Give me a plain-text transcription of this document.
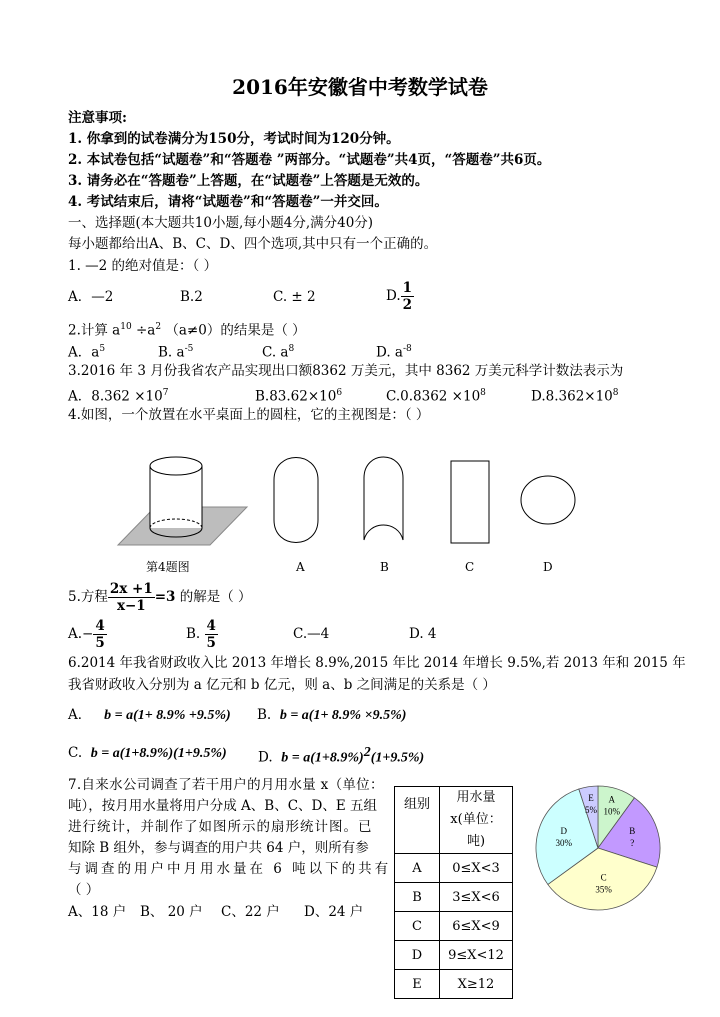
2016年安徽省中考数学试卷
注意事项:
1. 你拿到的试卷满分为150分，考试时间为120分钟。
2. 本试卷包括“试题卷”和“答题卷 ”两部分。“试题卷”共4页，“答题卷”共6页。
3. 请务必在“答题卷”上答题，在“试题卷”上答题是无效的。
4. 考试结束后，请将“试题卷”和“答题卷”一并交回。
一、选择题(本大题共10小题,每小题4分,满分40分)
每小题都给出A、B、C、D、四个选项,其中只有一个正确的。
1. —2 的绝对值是：（ ）
A．—2	B.2	C. ± 2	D. $\frac{1}{2}$
2.计算 $a^{10} \div a^2$ （a≠0）的结果是（ ）
A．$a^5$	B. $a^{-5}$	C. $a^8$	D. $a^{-8}$
3.2016 年 3 月份我省农产品实现出口额8362 万美元，其中 8362 万美元科学计数法表示为
A．$8.362 \times 10^7$	$B.83.62\times 10^6$	$C.0.8362 \times 10^8$	$D.8.362\times 10^8$
4.如图，一个放置在水平桌面上的圆柱，它的主视图是：（ ）
第4题图	A	B	C	D
5.方程 $\frac{2x +1}{x-1} =3$ 的解是（ ）
$A.- \frac{4}{5}$	B. $\frac{4}{5}$	C.—4	D. 4
6.2014 年我省财政收入比 2013 年增长 8.9%,2015 年比 2014 年增长 9.5%,若 2013 年和 2015 年
我省财政收入分别为 a 亿元和 b 亿元，则 a、b 之间满足的关系是（ ）
A． b = a(1+ 8.9% +9.5%) B. b = a(1+ 8.9% ×9.5%)
C. b = a(1+8.9%)(1+9.5%) D. $b = a(1+8.9\%)^2(1+9.5\%)$
7.自来水公司调查了若干用户的月用水量 x（单位：
吨），按月用水量将用户分成 A、B、C、D、E 五组
进行统计，并制作了如图所示的扇形统计图。已
知除 B 组外，参与调查的用户共 64 户，则所有参
与调查的用户中月用水量在 6 吨以下的共有
（ ）
A、18 户 B、 20 户 C、22 户 D、24 户
组别	用水量 x(单位：吨)
A	0≤X<3
B	3≤X<6
C	6≤X<9
D	9≤X<12
E	X≥12
A
10%
B
?
C
35%
D
30%
E
5%
